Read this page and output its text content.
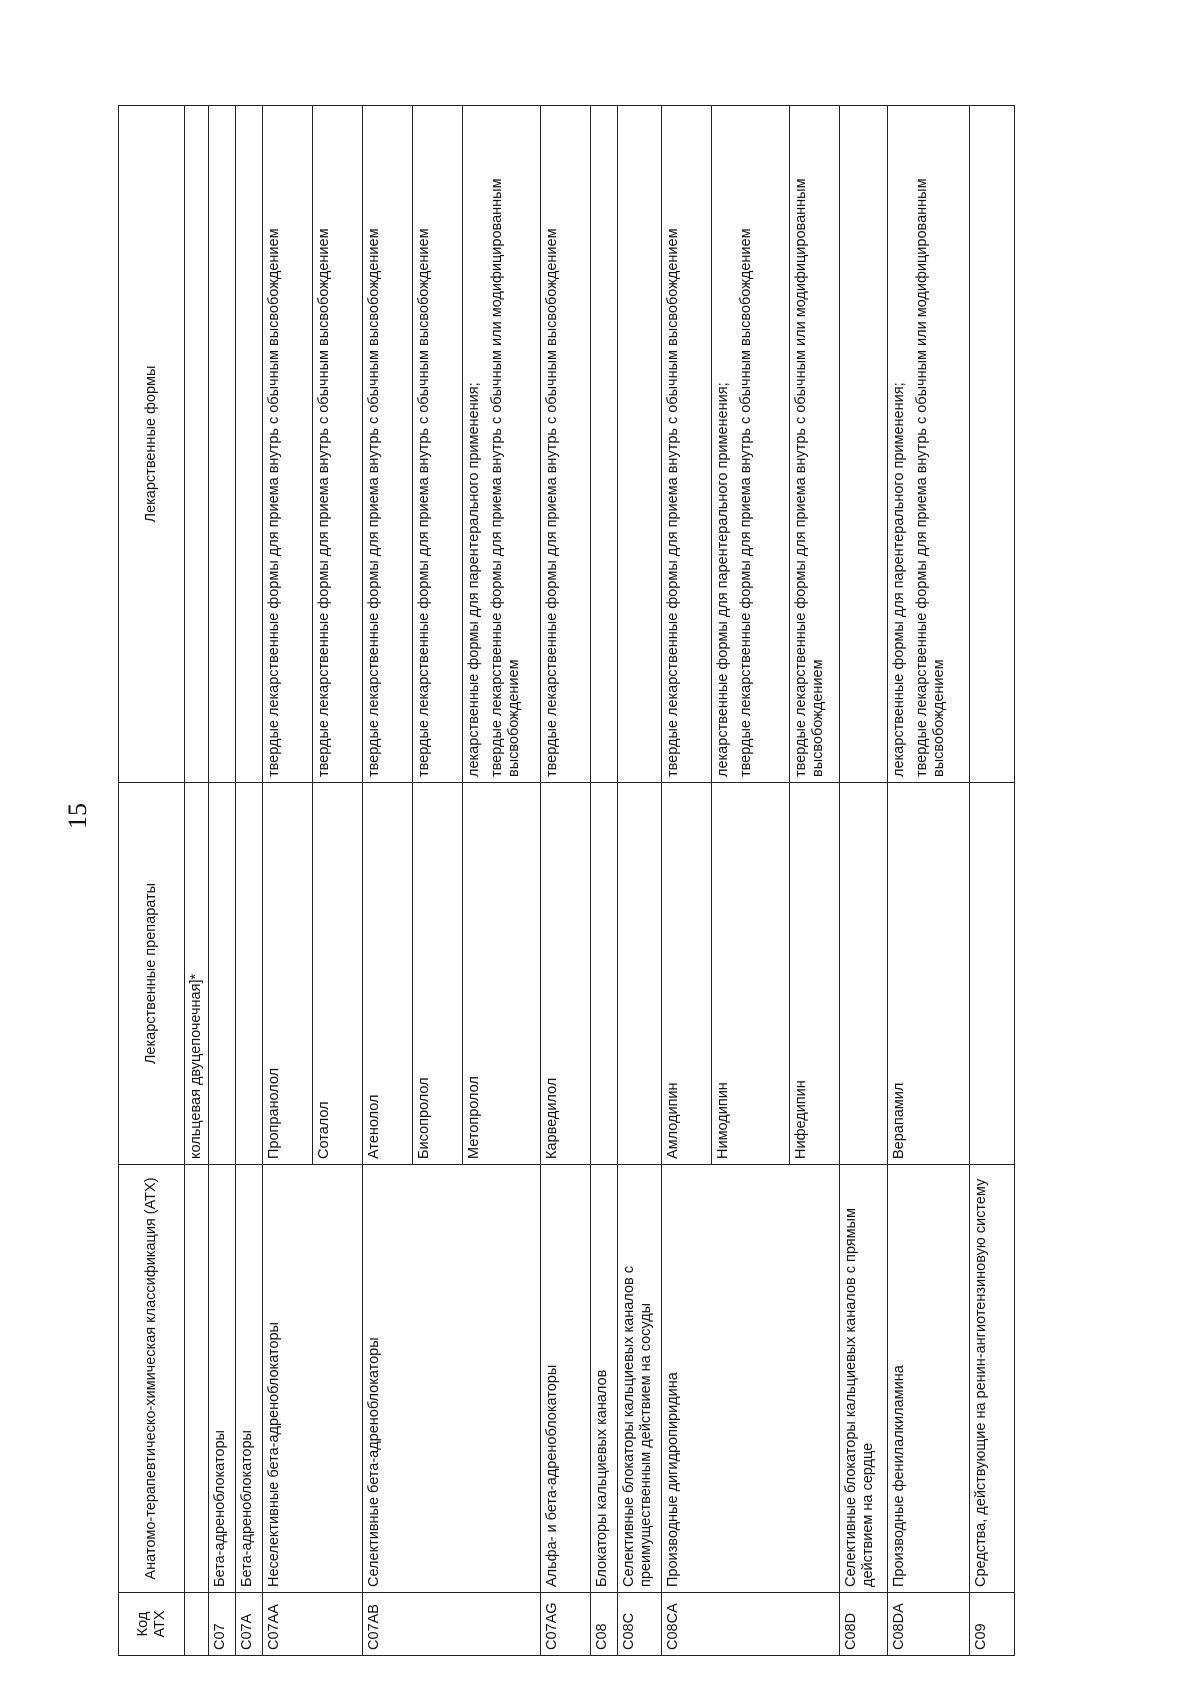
15
Код АТХ	Анатомо-терапевтическо-химическая классификация (АТХ)	Лекарственные препараты	Лекарственные формы
		кольцевая двуцепочечная]*	
C07	Бета-адреноблокаторы		
C07A	Бета-адреноблокаторы		
C07AA	Неселективные бета-адреноблокаторы	Пропранолол	твердые лекарственные формы для приема внутрь с обычным высвобождением

		Соталол	твердые лекарственные формы для приема внутрь с обычным высвобождением

C07AB	Селективные бета-адреноблокаторы	Атенолол	твердые лекарственные формы для приема внутрь с обычным высвобождением

		Бисопролол	твердые лекарственные формы для приема внутрь с обычным высвобождением

		Метопролол	лекарственные формы для парентерального применения; твердые лекарственные формы для приема внутрь с обычным или модифицированным высвобождением

C07AG	Альфа- и бета-адреноблокаторы	Карведилол	твердые лекарственные формы для приема внутрь с обычным высвобождением

C08	Блокаторы кальциевых каналов		
C08C	Селективные блокаторы кальциевых каналов с преимущественным действием на сосуды		
C08CA	Производные дигидропиридина	Амлодипин	твердые лекарственные формы для приема внутрь с обычным высвобождением

		Нимодипин	лекарственные формы для парентерального применения; твердые лекарственные формы для приема внутрь с обычным высвобождением

		Нифедипин	твердые лекарственные формы для приема внутрь с обычным или модифицированным высвобождением

C08D	Селективные блокаторы кальциевых каналов с прямым действием на сердце		
C08DA	Производные фенилалкиламина	Верапамил	лекарственные формы для парентерального применения; твердые лекарственные формы для приема внутрь с обычным или модифицированным высвобождением

C09	Средства, действующие на ренин-ангиотензиновую систему		
